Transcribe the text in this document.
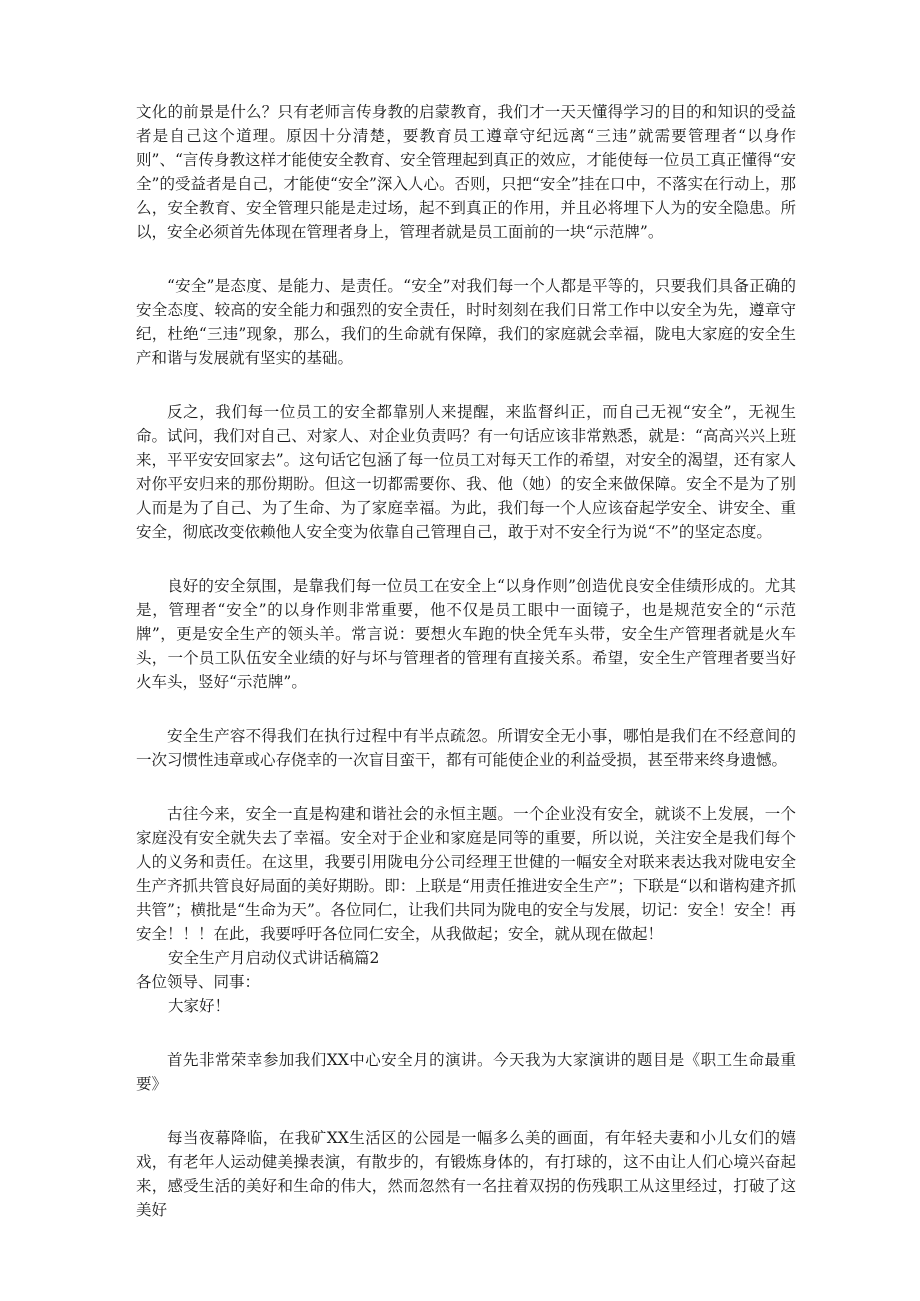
文化的前景是什么？只有老师言传身教的启蒙教育，我们才一天天懂得学习的目的和知识的受益者是自己这个道理。原因十分清楚，要教育员工遵章守纪远离“三违”就需要管理者“以身作则”、“言传身教这样才能使安全教育、安全管理起到真正的效应，才能使每一位员工真正懂得“安全”的受益者是自己，才能使“安全”深入人心。否则，只把“安全”挂在口中，不落实在行动上，那么，安全教育、安全管理只能是走过场，起不到真正的作用，并且必将埋下人为的安全隐患。所以，安全必须首先体现在管理者身上，管理者就是员工面前的一块“示范牌”。

“安全”是态度、是能力、是责任。“安全”对我们每一个人都是平等的，只要我们具备正确的安全态度、较高的安全能力和强烈的安全责任，时时刻刻在我们日常工作中以安全为先，遵章守纪，杜绝“三违”现象，那么，我们的生命就有保障，我们的家庭就会幸福，陇电大家庭的安全生产和谐与发展就有坚实的基础。

反之，我们每一位员工的安全都靠别人来提醒，来监督纠正，而自己无视“安全”，无视生命。试问，我们对自己、对家人、对企业负责吗？有一句话应该非常熟悉，就是：“高高兴兴上班来，平平安安回家去”。这句话它包涵了每一位员工对每天工作的希望，对安全的渴望，还有家人对你平安归来的那份期盼。但这一切都需要你、我、他（她）的安全来做保障。安全不是为了别人而是为了自己、为了生命、为了家庭幸福。为此，我们每一个人应该奋起学安全、讲安全、重安全，彻底改变依赖他人安全变为依靠自己管理自己，敢于对不安全行为说“不”的坚定态度。

良好的安全氛围，是靠我们每一位员工在安全上“以身作则”创造优良安全佳绩形成的。尤其是，管理者“安全”的以身作则非常重要，他不仅是员工眼中一面镜子，也是规范安全的“示范牌”，更是安全生产的领头羊。常言说：要想火车跑的快全凭车头带，安全生产管理者就是火车头，一个员工队伍安全业绩的好与坏与管理者的管理有直接关系。希望，安全生产管理者要当好火车头，竖好“示范牌”。

安全生产容不得我们在执行过程中有半点疏忽。所谓安全无小事，哪怕是我们在不经意间的一次习惯性违章或心存侥幸的一次盲目蛮干，都有可能使企业的利益受损，甚至带来终身遗憾。

古往今来，安全一直是构建和谐社会的永恒主题。一个企业没有安全，就谈不上发展，一个家庭没有安全就失去了幸福。安全对于企业和家庭是同等的重要，所以说，关注安全是我们每个人的义务和责任。在这里，我要引用陇电分公司经理王世健的一幅安全对联来表达我对陇电安全生产齐抓共管良好局面的美好期盼。即：上联是“用责任推进安全生产”；下联是“以和谐构建齐抓共管”；横批是“生命为天”。各位同仁，让我们共同为陇电的安全与发展，切记：安全！安全！再安全！！！在此，我要呼吁各位同仁安全，从我做起；安全，就从现在做起！

安全生产月启动仪式讲话稿篇2

各位领导、同事：

大家好！

首先非常荣幸参加我们XX中心安全月的演讲。今天我为大家演讲的题目是《职工生命最重要》

每当夜幕降临，在我矿XX生活区的公园是一幅多么美的画面，有年轻夫妻和小儿女们的嬉戏，有老年人运动健美操表演，有散步的，有锻炼身体的，有打球的，这不由让人们心境兴奋起来，感受生活的美好和生命的伟大，然而忽然有一名拄着双拐的伤残职工从这里经过，打破了这美好
